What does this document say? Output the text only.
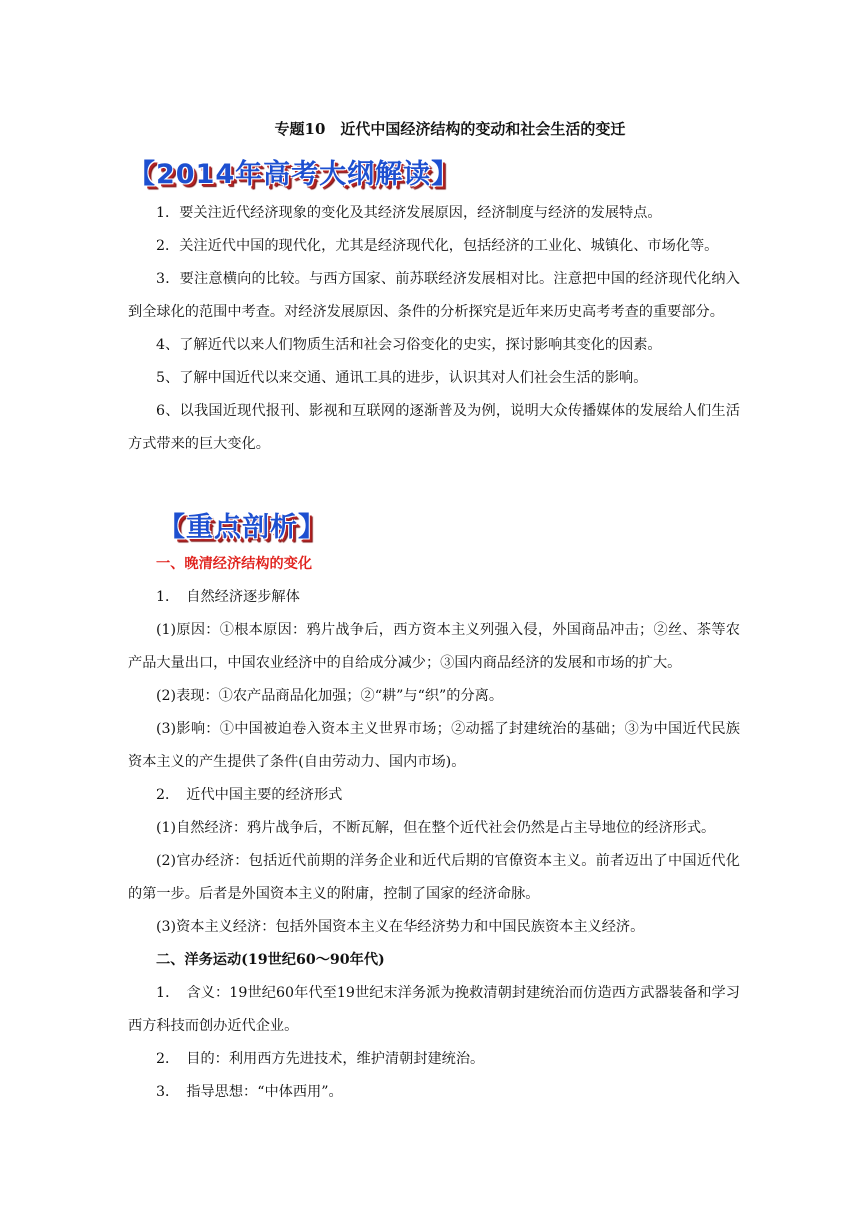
专题10　近代中国经济结构的变动和社会生活的变迁
【2014年高考大纲解读】

1．要关注近代经济现象的变化及其经济发展原因，经济制度与经济的发展特点。

2．关注近代中国的现代化，尤其是经济现代化，包括经济的工业化、城镇化、市场化等。

3．要注意横向的比较。与西方国家、前苏联经济发展相对比。注意把中国的经济现代化纳入到全球化的范围中考查。对经济发展原因、条件的分析探究是近年来历史高考考查的重要部分。

4、了解近代以来人们物质生活和社会习俗变化的史实，探讨影响其变化的因素。

5、了解中国近代以来交通、通讯工具的进步，认识其对人们社会生活的影响。

6、以我国近现代报刊、影视和互联网的逐渐普及为例，说明大众传播媒体的发展给人们生活方式带来的巨大变化。

【重点剖析】

一、晚清经济结构的变化

1．　自然经济逐步解体

(1)原因：①根本原因：鸦片战争后，西方资本主义列强入侵，外国商品冲击；②丝、茶等农产品大量出口，中国农业经济中的自给成分减少；③国内商品经济的发展和市场的扩大。

(2)表现：①农产品商品化加强；②“耕”与“织”的分离。

(3)影响：①中国被迫卷入资本主义世界市场；②动摇了封建统治的基础；③为中国近代民族资本主义的产生提供了条件(自由劳动力、国内市场)。

2．　近代中国主要的经济形式

(1)自然经济：鸦片战争后，不断瓦解，但在整个近代社会仍然是占主导地位的经济形式。

(2)官办经济：包括近代前期的洋务企业和近代后期的官僚资本主义。前者迈出了中国近代化的第一步。后者是外国资本主义的附庸，控制了国家的经济命脉。

(3)资本主义经济：包括外国资本主义在华经济势力和中国民族资本主义经济。

二、洋务运动(19世纪60～90年代)

1．　含义：19世纪60年代至19世纪末洋务派为挽救清朝封建统治而仿造西方武器装备和学习西方科技而创办近代企业。

2．　目的：利用西方先进技术，维护清朝封建统治。

3．　指导思想：“中体西用”。
